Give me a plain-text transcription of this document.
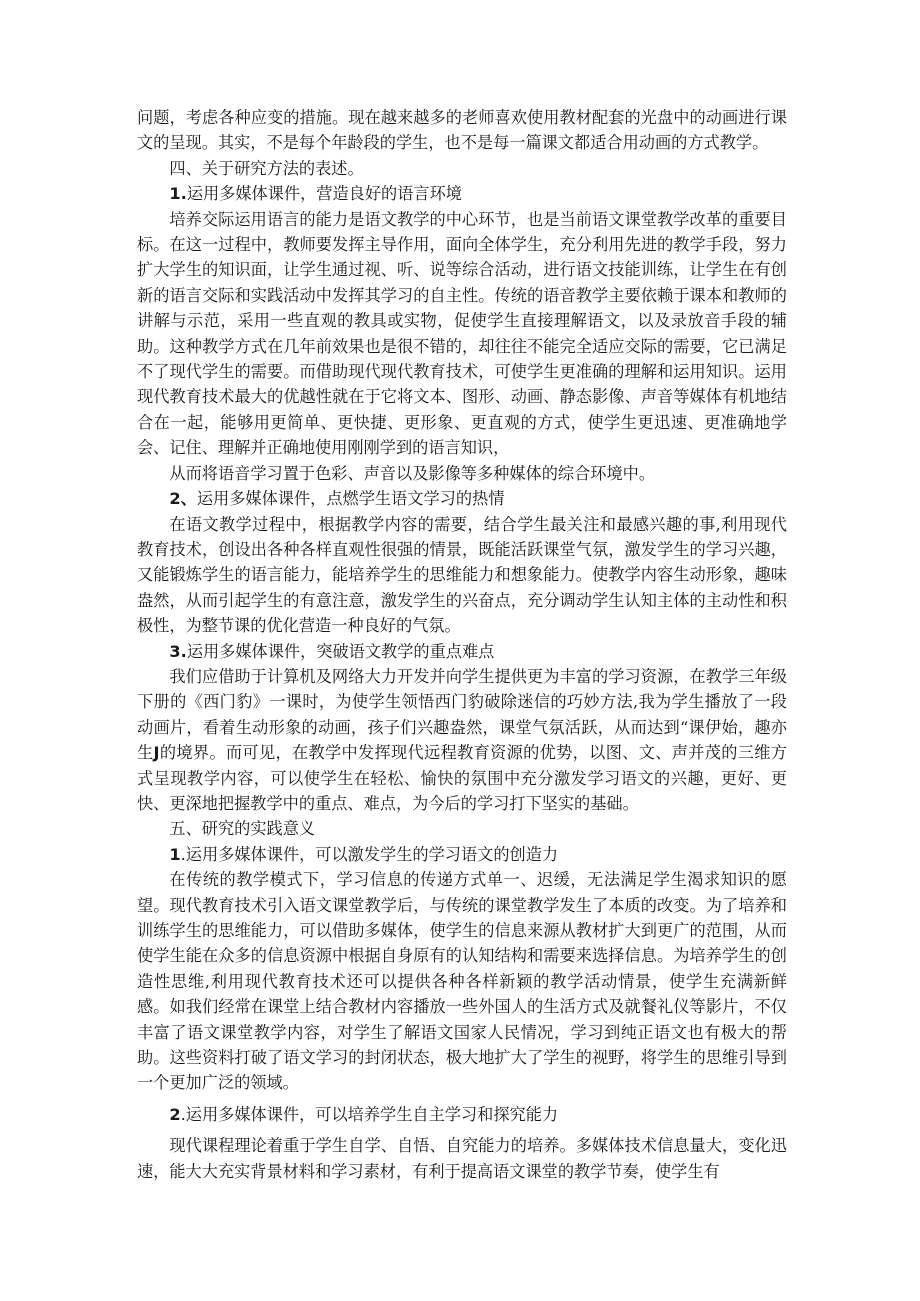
问题，考虑各种应变的措施。现在越来越多的老师喜欢使用教材配套的光盘中的动画进行课文的呈现。其实，不是每个年龄段的学生，也不是每一篇课文都适合用动画的方式教学。

四、关于研究方法的表述。

1.运用多媒体课件，营造良好的语言环境

培养交际运用语言的能力是语文教学的中心环节，也是当前语文课堂教学改革的重要目标。在这一过程中，教师要发挥主导作用，面向全体学生，充分利用先进的教学手段，努力扩大学生的知识面，让学生通过视、听、说等综合活动，进行语文技能训练，让学生在有创新的语言交际和实践活动中发挥其学习的自主性。传统的语音教学主要依赖于课本和教师的讲解与示范，采用一些直观的教具或实物，促使学生直接理解语文，以及录放音手段的辅助。这种教学方式在几年前效果也是很不错的，却往往不能完全适应交际的需要，它已满足不了现代学生的需要。而借助现代现代教育技术，可使学生更准确的理解和运用知识。运用现代教育技术最大的优越性就在于它将文本、图形、动画、静态影像、声音等媒体有机地结合在一起，能够用更简单、更快捷、更形象、更直观的方式，使学生更迅速、更准确地学会、记住、理解并正确地使用刚刚学到的语言知识，

从而将语音学习置于色彩、声音以及影像等多种媒体的综合环境中。

2、运用多媒体课件，点燃学生语文学习的热情

在语文教学过程中，根据教学内容的需要，结合学生最关注和最感兴趣的事,利用现代教育技术，创设出各种各样直观性很强的情景，既能活跃课堂气氛，激发学生的学习兴趣，又能锻炼学生的语言能力，能培养学生的思维能力和想象能力。使教学内容生动形象，趣味盎然，从而引起学生的有意注意，激发学生的兴奋点，充分调动学生认知主体的主动性和积极性，为整节课的优化营造一种良好的气氛。

3.运用多媒体课件，突破语文教学的重点难点

我们应借助于计算机及网络大力开发并向学生提供更为丰富的学习资源，在教学三年级下册的《西门豹》一课时，为使学生领悟西门豹破除迷信的巧妙方法,我为学生播放了一段动画片，看着生动形象的动画，孩子们兴趣盎然，课堂气氛活跃，从而达到“课伊始，趣亦生J的境界。而可见，在教学中发挥现代远程教育资源的优势，以图、文、声并茂的三维方式呈现教学内容，可以使学生在轻松、愉快的氛围中充分激发学习语文的兴趣，更好、更快、更深地把握教学中的重点、难点，为今后的学习打下坚实的基础。

五、研究的实践意义

1.运用多媒体课件，可以激发学生的学习语文的创造力

在传统的教学模式下，学习信息的传递方式单一、迟缓，无法满足学生渴求知识的愿望。现代教育技术引入语文课堂教学后，与传统的课堂教学发生了本质的改变。为了培养和训练学生的思维能力，可以借助多媒体，使学生的信息来源从教材扩大到更广的范围，从而使学生能在众多的信息资源中根据自身原有的认知结构和需要来选择信息。为培养学生的创造性思维,利用现代教育技术还可以提供各种各样新颖的教学活动情景，使学生充满新鲜感。如我们经常在课堂上结合教材内容播放一些外国人的生活方式及就餐礼仪等影片，不仅丰富了语文课堂教学内容，对学生了解语文国家人民情况，学习到纯正语文也有极大的帮助。这些资料打破了语文学习的封闭状态，极大地扩大了学生的视野，将学生的思维引导到一个更加广泛的领域。

2.运用多媒体课件，可以培养学生自主学习和探究能力

现代课程理论着重于学生自学、自悟、自究能力的培养。多媒体技术信息量大，变化迅速，能大大充实背景材料和学习素材，有利于提高语文课堂的教学节奏，使学生有
